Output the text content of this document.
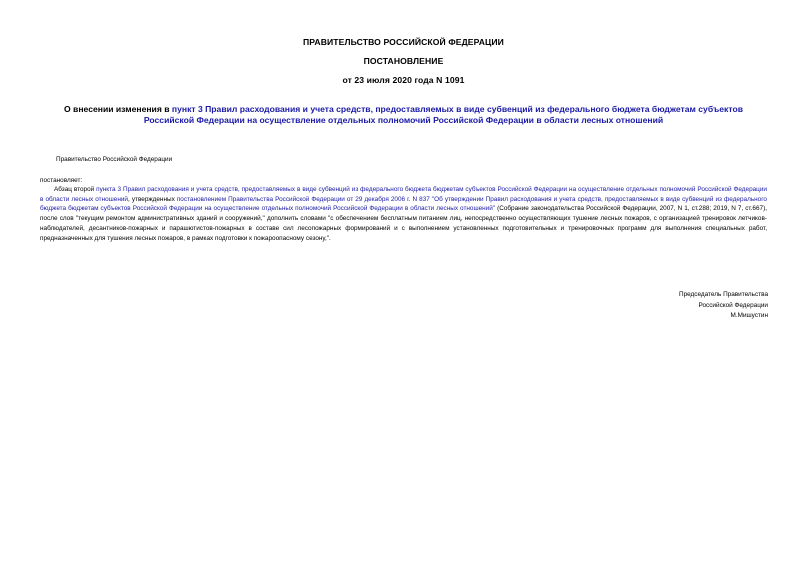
ПРАВИТЕЛЬСТВО РОССИЙСКОЙ ФЕДЕРАЦИИ
ПОСТАНОВЛЕНИЕ
от 23 июля 2020 года N 1091
О внесении изменения в пункт 3 Правил расходования и учета средств, предоставляемых в виде субвенций из федерального бюджета бюджетам субъектов Российской Федерации на осуществление отдельных полномочий Российской Федерации в области лесных отношений
Правительство Российской Федерации
постановляет:
Абзац второй пункта 3 Правил расходования и учета средств, предоставляемых в виде субвенций из федерального бюджета бюджетам субъектов Российской Федерации на осуществление отдельных полномочий Российской Федерации в области лесных отношений, утвержденных постановлением Правительства Российской Федерации от 29 декабря 2006 г. N 837 "Об утверждении Правил расходования и учета средств, предоставляемых в виде субвенций из федерального бюджета бюджетам субъектов Российской Федерации на осуществление отдельных полномочий Российской Федерации в области лесных отношений" (Собрание законодательства Российской Федерации, 2007, N 1, ст.288; 2019, N 7, ст.667), после слов "текущим ремонтом административных зданий и сооружений," дополнить словами "с обеспечением бесплатным питанием лиц, непосредственно осуществляющих тушение лесных пожаров, с организацией тренировок летчиков-наблюдателей, десантников-пожарных и парашютистов-пожарных в составе сил лесопожарных формирований и с выполнением установленных подготовительных и тренировочных программ для выполнения специальных работ, предназначенных для тушения лесных пожаров, в рамках подготовки к пожароопасному сезону,".
Председатель Правительства
Российской Федерации
М.Мишустин
